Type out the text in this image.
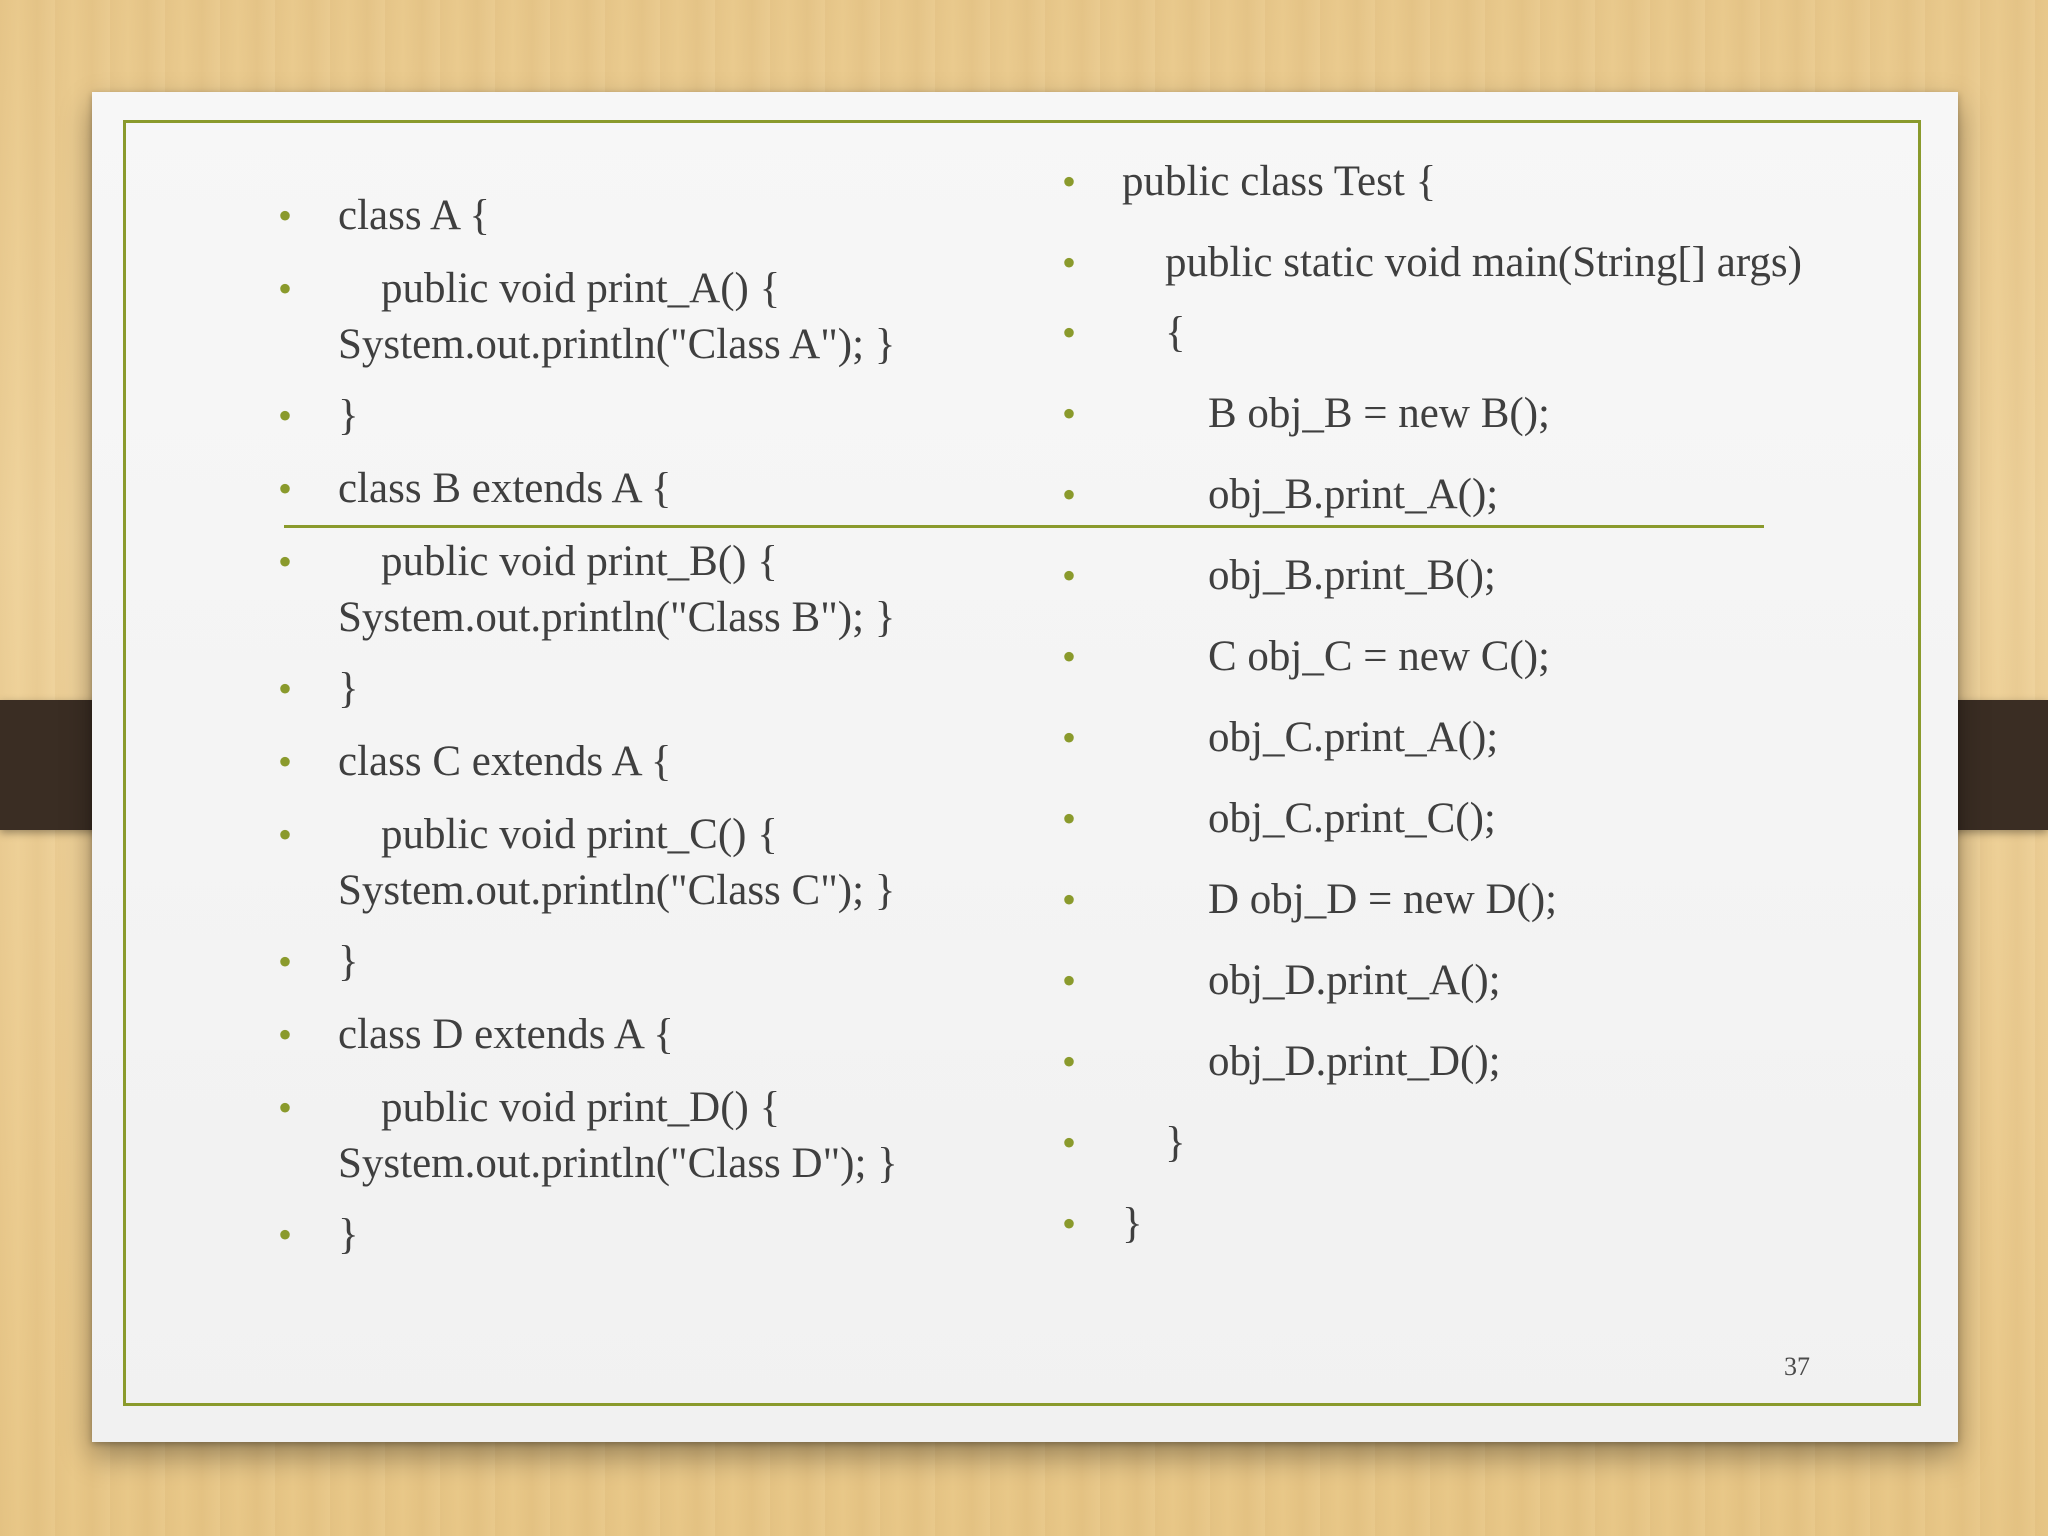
• class A {
• public void print_A() { System.out.println("Class A"); }
• }
• class B extends A {
• public void print_B() { System.out.println("Class B"); }
• }
• class C extends A {
• public void print_C() { System.out.println("Class C"); }
• }
• class D extends A {
• public void print_D() { System.out.println("Class D"); }
• }
• public class Test {
• public static void main(String[] args)
• {
• B obj_B = new B();
• obj_B.print_A();
• obj_B.print_B();
• C obj_C = new C();
• obj_C.print_A();
• obj_C.print_C();
• D obj_D = new D();
• obj_D.print_A();
• obj_D.print_D();
• }
• }
37
